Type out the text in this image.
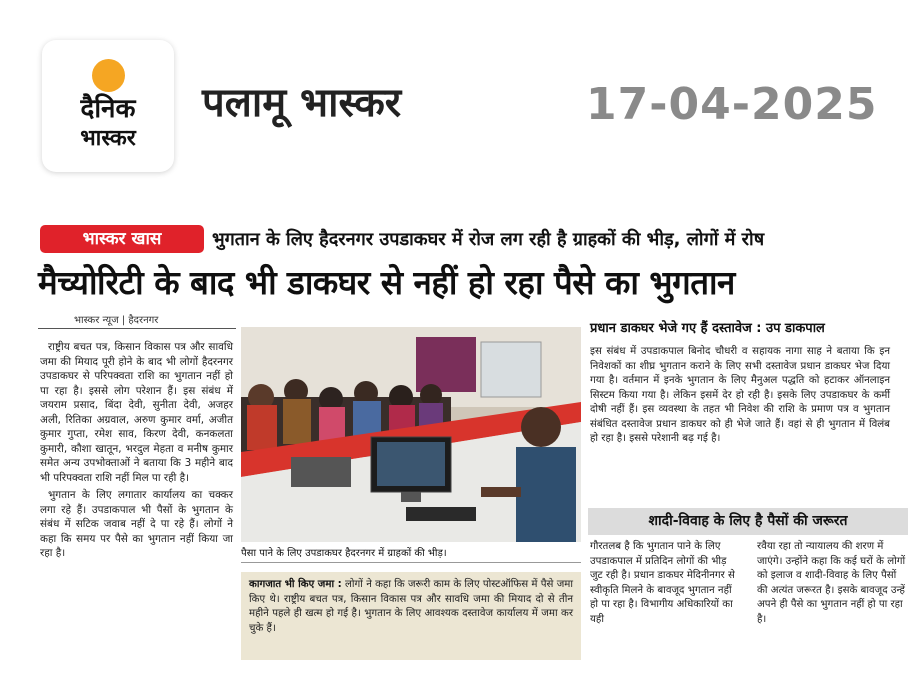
दैनिक
भास्कर
पलामू भास्कर	17-04-2025
भास्कर खास	भुगतान के लिए हैदरनगर उपडाकघर में रोज लग रही है ग्राहकों की भीड़, लोगों में रोष
मैच्योरिटी के बाद भी डाकघर से नहीं हो रहा पैसे का भुगतान
भास्कर न्यूज | हैदरनगर

राष्ट्रीय बचत पत्र, किसान विकास पत्र और सावधि जमा की मियाद पूरी होने के बाद भी लोगों हैदरनगर उपडाकघर से परिपक्वता राशि का भुगतान नहीं हो पा रहा है। इससे लोग परेशान हैं। इस संबंध में जयराम प्रसाद, बिंदा देवी, सुनीता देवी, अजहर अली, रितिका अग्रवाल, अरुण कुमार वर्मा, अजीत कुमार गुप्ता, रमेश साव, किरण देवी, कनकलता कुमारी, कौशा खातून, भरदुल मेहता व मनीष कुमार समेत अन्य उपभोक्ताओं ने बताया कि 3 महीने बाद भी परिपक्वता राशि नहीं मिल पा रही है।

भुगतान के लिए लगातार कार्यालय का चक्कर लगा रहे हैं। उपडाकपाल भी पैसों के भुगतान के संबंध में सटिक जवाब नहीं दे पा रहे हैं। लोगों ने कहा कि समय पर पैसे का भुगतान नहीं किया जा रहा है।	पैसा पाने के लिए उपडाकघर हैदरनगर में ग्राहकों की भीड़।
कागजात भी किए जमा : लोगों ने कहा कि जरूरी काम के लिए पोस्टऑफिस में पैसे जमा किए थे। राष्ट्रीय बचत पत्र, किसान विकास पत्र और सावधि जमा की मियाद दो से तीन महीने पहले ही खत्म हो गई है। भुगतान के लिए आवश्यक दस्तावेज कार्यालय में जमा कर चुके हैं।
प्रधान डाकघर भेजे गए हैं दस्तावेज : उप डाकपाल
इस संबंध में उपडाकपाल बिनोद चौधरी व सहायक नागा साह ने बताया कि इन निवेशकों का शीघ्र भुगतान कराने के लिए सभी दस्तावेज प्रधान डाकघर भेज दिया गया है। वर्तमान में इनके भुगतान के लिए मैनुअल पद्धति को हटाकर ऑनलाइन सिस्टम किया गया है। लेकिन इसमें देर हो रही है। इसके लिए उपडाकघर के कर्मी दोषी नहीं हैं। इस व्यवस्था के तहत भी निवेश की राशि के प्रमाण पत्र व भुगतान संबंधित दस्तावेज प्रधान डाकघर को ही भेजे जाते हैं। वहां से ही भुगतान में विलंब हो रहा है। इससे परेशानी बढ़ गई है।
शादी-विवाह के लिए है पैसों की जरूरत
गौरतलब है कि भुगतान पाने के लिए उपडाकपाल में प्रतिदिन लोगों की भीड़ जुट रही है। प्रधान डाकघर मेदिनीनगर से स्वीकृति मिलने के बावजूद भुगतान नहीं हो पा रहा है। विभागीय अधिकारियों का यही
रवैया रहा तो न्यायालय की शरण में जाएंगे। उन्होंने कहा कि कई घरों के लोगों को इलाज व शादी-विवाह के लिए पैसों की अत्यंत जरूरत है। इसके बावजूद उन्हें अपने ही पैसे का भुगतान नहीं हो पा रहा है।
